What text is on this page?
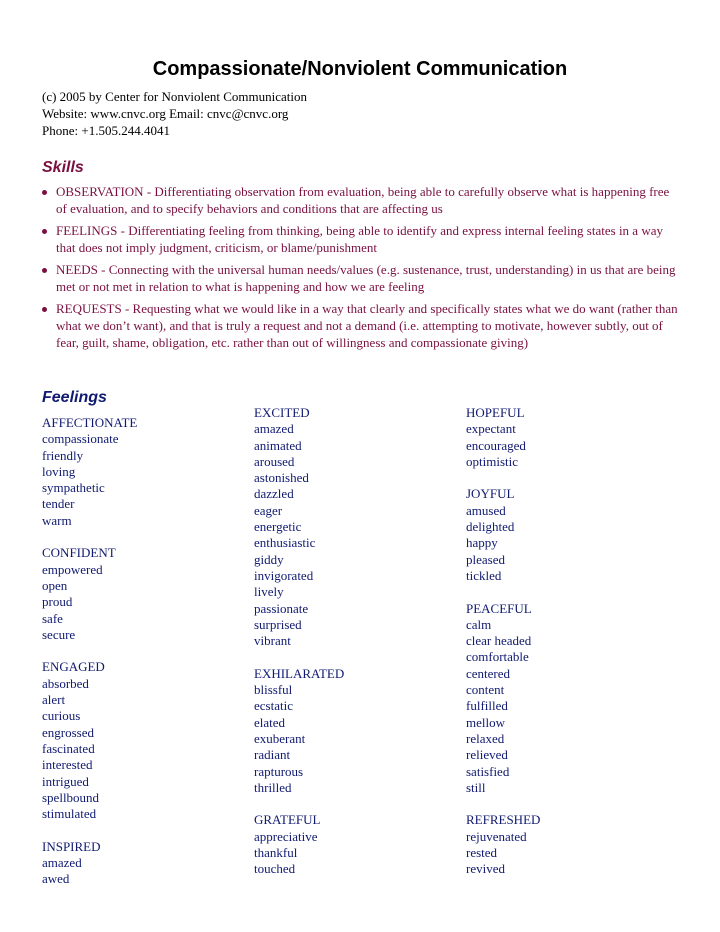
Compassionate/Nonviolent Communication
(c) 2005 by Center for Nonviolent Communication
Website: www.cnvc.org Email: cnvc@cnvc.org
Phone: +1.505.244.4041
Skills
OBSERVATION - Differentiating observation from evaluation, being able to carefully observe what is happening free of evaluation, and to specify behaviors and conditions that are affecting us
FEELINGS - Differentiating feeling from thinking, being able to identify and express internal feeling states in a way that does not imply judgment, criticism, or blame/punishment
NEEDS - Connecting with the universal human needs/values (e.g. sustenance, trust, understanding) in us that are being met or not met in relation to what is happening and how we are feeling
REQUESTS - Requesting what we would like in a way that clearly and specifically states what we do want (rather than what we don’t want), and that is truly a request and not a demand (i.e. attempting to motivate, however subtly, out of fear, guilt, shame, obligation, etc. rather than out of willingness and compassionate giving)
Feelings
AFFECTIONATE
compassionate
friendly
loving
sympathetic
tender
warm
CONFIDENT
empowered
open
proud
safe
secure
ENGAGED
absorbed
alert
curious
engrossed
fascinated
interested
intrigued
spellbound
stimulated
INSPIRED
amazed
awed
EXCITED
amazed
animated
aroused
astonished
dazzled
eager
energetic
enthusiastic
giddy
invigorated
lively
passionate
surprised
vibrant
EXHILARATED
blissful
ecstatic
elated
exuberant
radiant
rapturous
thrilled
GRATEFUL
appreciative
thankful
touched
HOPEFUL
expectant
encouraged
optimistic
JOYFUL
amused
delighted
happy
pleased
tickled
PEACEFUL
calm
clear headed
comfortable
centered
content
fulfilled
mellow
relaxed
relieved
satisfied
still
REFRESHED
rejuvenated
rested
revived
